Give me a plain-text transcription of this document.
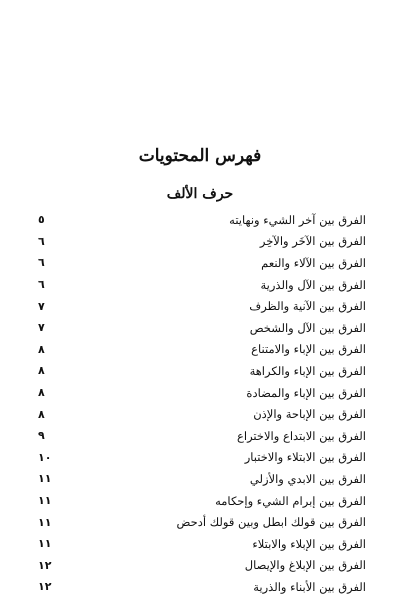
فهرس المحتويات
حرف الألف
الفرق بين آخر الشيء ونهايته
٥
الفرق بين الآخَر والآخِر
٦
الفرق بين الآلاء والنعم
٦
الفرق بين الآل والذرية
٦
الفرق بين الآنية والظرف
٧
الفرق بين الآل والشخص
٧
الفرق بين الإباء والامتناع
٨
الفرق بين الإباء والكراهة
٨
الفرق بين الإباء والمضادة
٨
الفرق بين الإباحة والإذن
٨
الفرق بين الابتداع والاختراع
٩
الفرق بين الابتلاء والاختبار
١٠
الفرق بين الابدي والأزلي
١١
الفرق بين إبرام الشيء وإحكامه
١١
الفرق بين قولك ابطل وبين قولك أدحض
١١
الفرق بين الإبلاء والابتلاء
١١
الفرق بين الإبلاغ والإيصال
١٢
الفرق بين الأبناء والذرية
١٢
